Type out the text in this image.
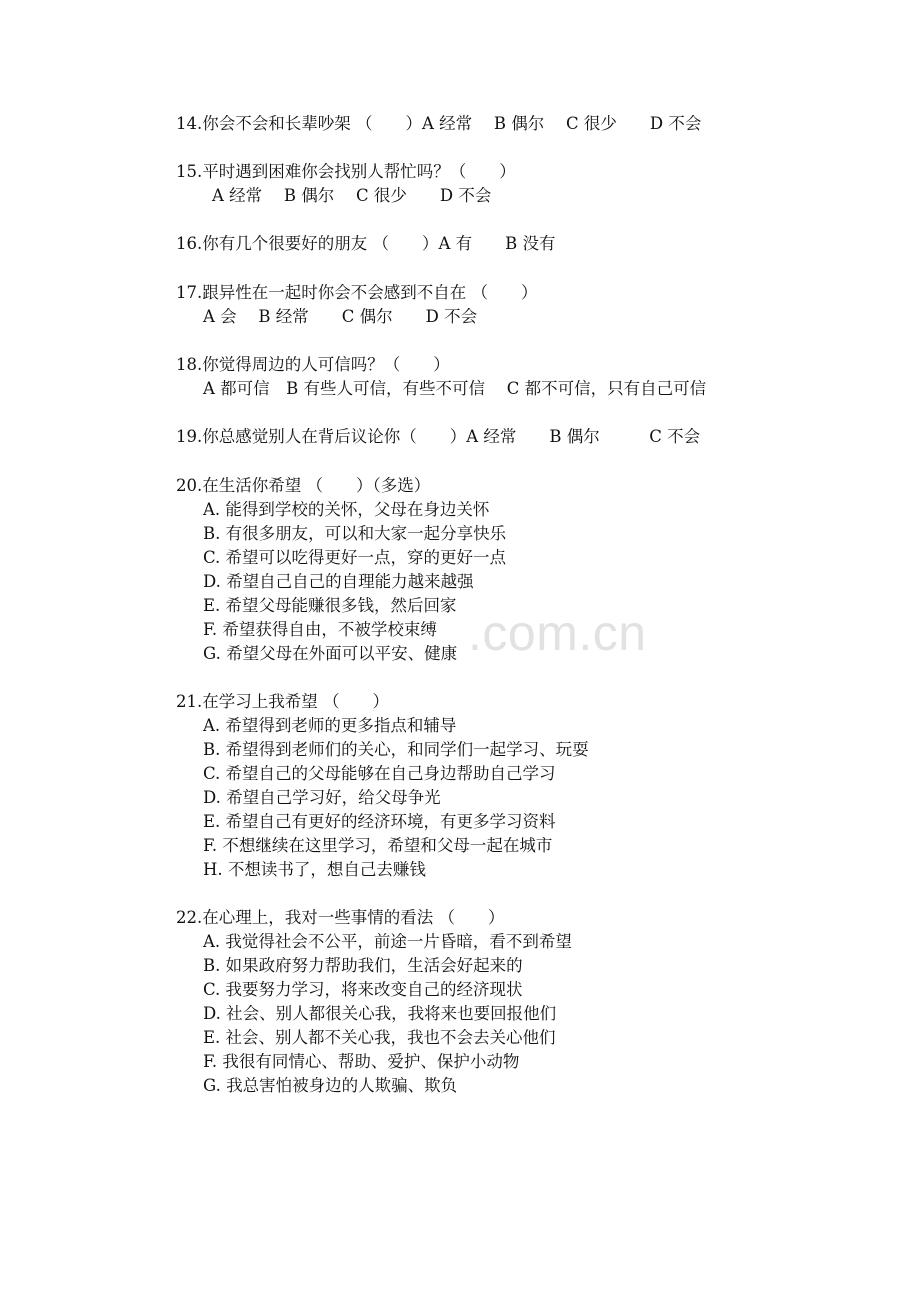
.com.cn
14.你会不会和长辈吵架 （　　）A 经常　 B 偶尔　 C 很少　　D 不会
15.平时遇到困难你会找别人帮忙吗？（　　）
A 经常　 B 偶尔　 C 很少　　D 不会
16.你有几个很要好的朋友 （　　）A 有　　B 没有
17.跟异性在一起时你会不会感到不自在 （　　）
A 会　 B 经常　　C 偶尔　　D 不会
18.你觉得周边的人可信吗？（　　）
A 都可信　B 有些人可信，有些不可信　 C 都不可信，只有自己可信
19.你总感觉别人在背后议论你（　　）A 经常　　B 偶尔　　　C 不会
20.在生活你希望 （　　）（多选）
A. 能得到学校的关怀，父母在身边关怀
B. 有很多朋友，可以和大家一起分享快乐
C. 希望可以吃得更好一点，穿的更好一点
D. 希望自己自己的自理能力越来越强
E. 希望父母能赚很多钱，然后回家
F. 希望获得自由，不被学校束缚
G. 希望父母在外面可以平安、健康
21.在学习上我希望 （　　）
A. 希望得到老师的更多指点和辅导
B. 希望得到老师们的关心，和同学们一起学习、玩耍
C. 希望自己的父母能够在自己身边帮助自己学习
D. 希望自己学习好，给父母争光
E. 希望自己有更好的经济环境，有更多学习资料
F. 不想继续在这里学习，希望和父母一起在城市
H. 不想读书了，想自己去赚钱
22.在心理上，我对一些事情的看法 （　　）
A. 我觉得社会不公平，前途一片昏暗，看不到希望
B. 如果政府努力帮助我们，生活会好起来的
C. 我要努力学习，将来改变自己的经济现状
D. 社会、别人都很关心我，我将来也要回报他们
E. 社会、别人都不关心我，我也不会去关心他们
F. 我很有同情心、帮助、爱护、保护小动物
G. 我总害怕被身边的人欺骗、欺负
